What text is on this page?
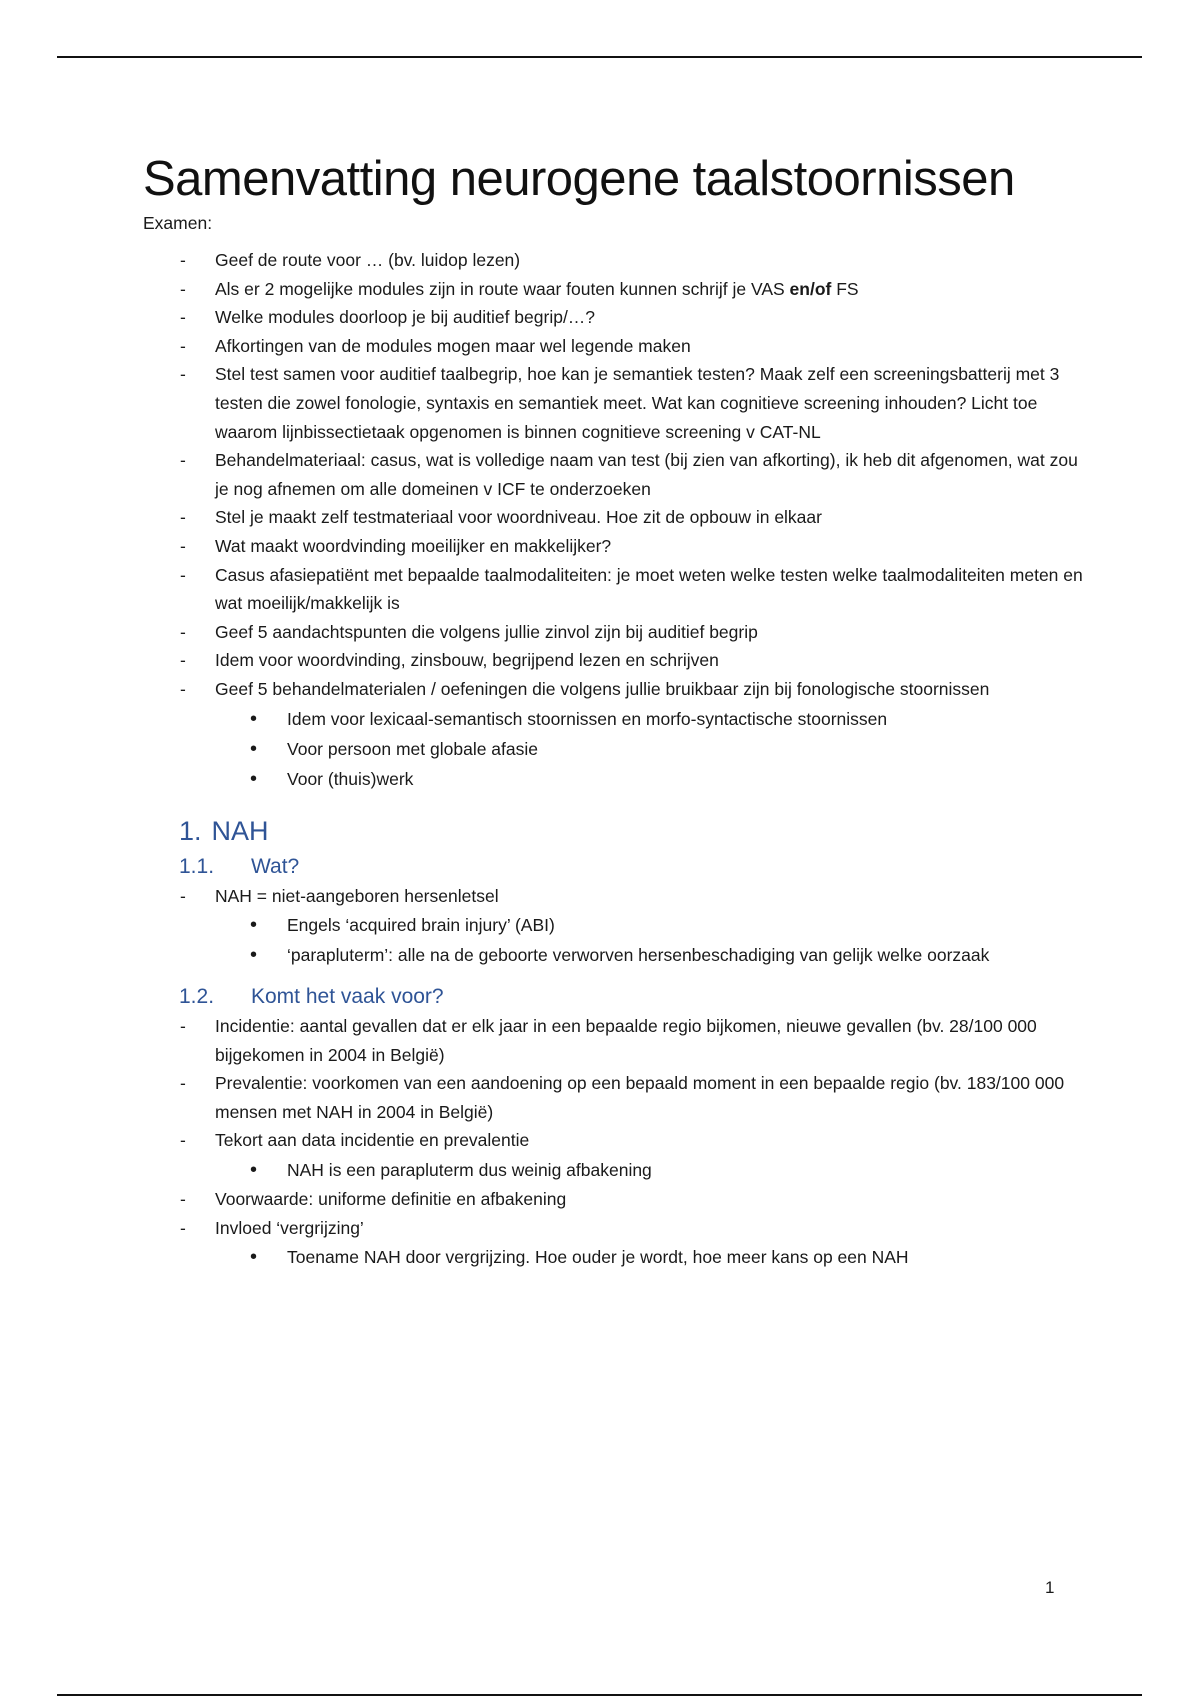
Samenvatting neurogene taalstoornissen
Examen:
- Geef de route voor … (bv. luidop lezen)
- Als er 2 mogelijke modules zijn in route waar fouten kunnen schrijf je VAS en/of FS
- Welke modules doorloop je bij auditief begrip/…?
- Afkortingen van de modules mogen maar wel legende maken
- Stel test samen voor auditief taalbegrip, hoe kan je semantiek testen? Maak zelf een screeningsbatterij met 3 testen die zowel fonologie, syntaxis en semantiek meet. Wat kan cognitieve screening inhouden? Licht toe waarom lijnbissectietaak opgenomen is binnen cognitieve screening v CAT-NL
- Behandelmateriaal: casus, wat is volledige naam van test (bij zien van afkorting), ik heb dit afgenomen, wat zou je nog afnemen om alle domeinen v ICF te onderzoeken
- Stel je maakt zelf testmateriaal voor woordniveau. Hoe zit de opbouw in elkaar
- Wat maakt woordvinding moeilijker en makkelijker?
- Casus afasiepatiënt met bepaalde taalmodaliteiten: je moet weten welke testen welke taalmodaliteiten meten en wat moeilijk/makkelijk is
- Geef 5 aandachtspunten die volgens jullie zinvol zijn bij auditief begrip
- Idem voor woordvinding, zinsbouw, begrijpend lezen en schrijven
- Geef 5 behandelmaterialen / oefeningen die volgens jullie bruikbaar zijn bij fonologische stoornissen
• Idem voor lexicaal-semantisch stoornissen en morfo-syntactische stoornissen
• Voor persoon met globale afasie
• Voor (thuis)werk
1. NAH
1.1. Wat?
- NAH = niet-aangeboren hersenletsel
• Engels ‘acquired brain injury’ (ABI)
• ‘parapluterm’: alle na de geboorte verworven hersenbeschadiging van gelijk welke oorzaak
1.2. Komt het vaak voor?
- Incidentie: aantal gevallen dat er elk jaar in een bepaalde regio bijkomen, nieuwe gevallen (bv. 28/100 000 bijgekomen in 2004 in België)
- Prevalentie: voorkomen van een aandoening op een bepaald moment in een bepaalde regio (bv. 183/100 000 mensen met NAH in 2004 in België)
- Tekort aan data incidentie en prevalentie
• NAH is een parapluterm dus weinig afbakening
- Voorwaarde: uniforme definitie en afbakening
- Invloed ‘vergrijzing’
• Toename NAH door vergrijzing. Hoe ouder je wordt, hoe meer kans op een NAH
1
